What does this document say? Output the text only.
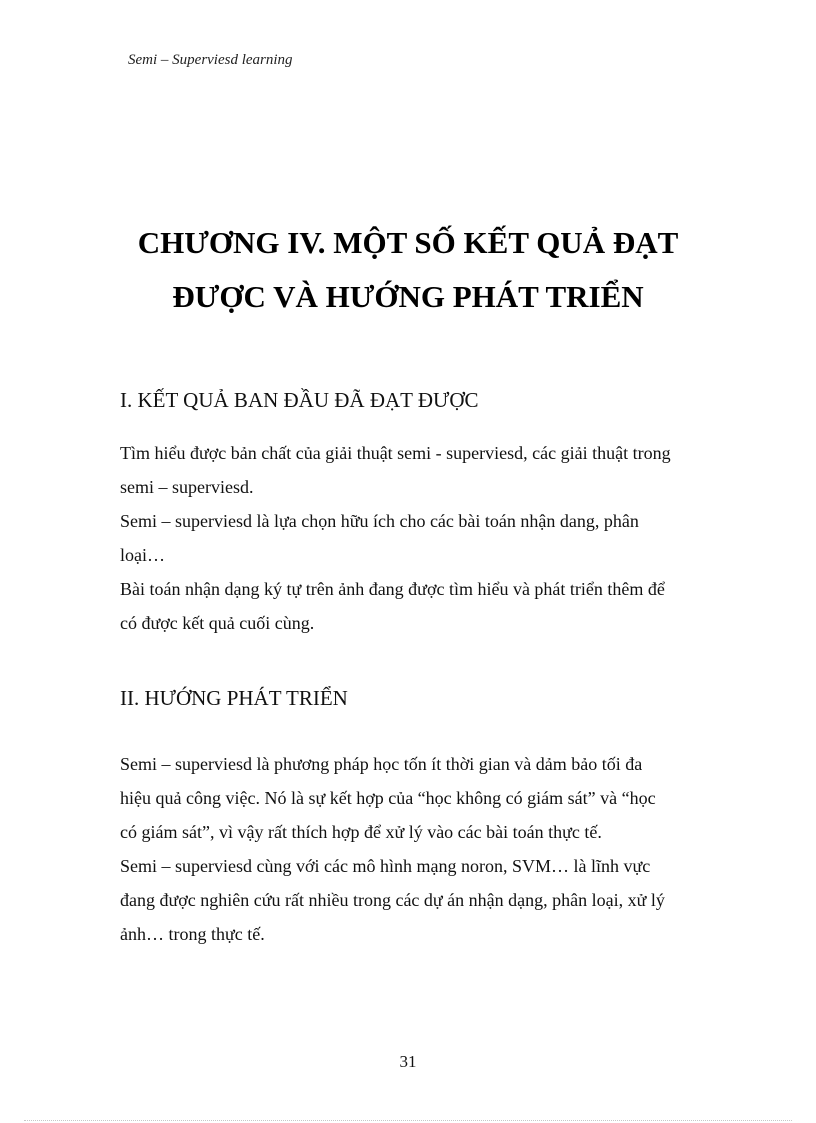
Semi – Superviesd learning
CHƯƠNG IV. MỘT SỐ KẾT QUẢ ĐẠT
ĐƯỢC VÀ HƯỚNG PHÁT TRIỂN
I. KẾT QUẢ BAN ĐẦU ĐÃ ĐẠT ĐƯỢC

Tìm hiểu được bản chất của giải thuật semi - superviesd, các giải thuật trong
semi – superviesd.
Semi – superviesd là lựa chọn hữu ích cho các bài toán nhận dang, phân
loại…
Bài toán nhận dạng ký tự trên ảnh đang được tìm hiểu và phát triển thêm để
có được kết quả cuối cùng.

II. HƯỚNG PHÁT TRIỂN

Semi – superviesd là phương pháp học tốn ít thời gian và dảm bảo tối đa
hiệu quả công việc. Nó là sự kết hợp của “học không có giám sát” và “học
có giám sát”, vì vậy rất thích hợp để xử lý vào các bài toán thực tế.
Semi – superviesd cùng với các mô hình mạng noron, SVM… là lĩnh vực
đang được nghiên cứu rất nhiều trong các dự án nhận dạng, phân loại, xử lý
ảnh… trong thực tế.

31
